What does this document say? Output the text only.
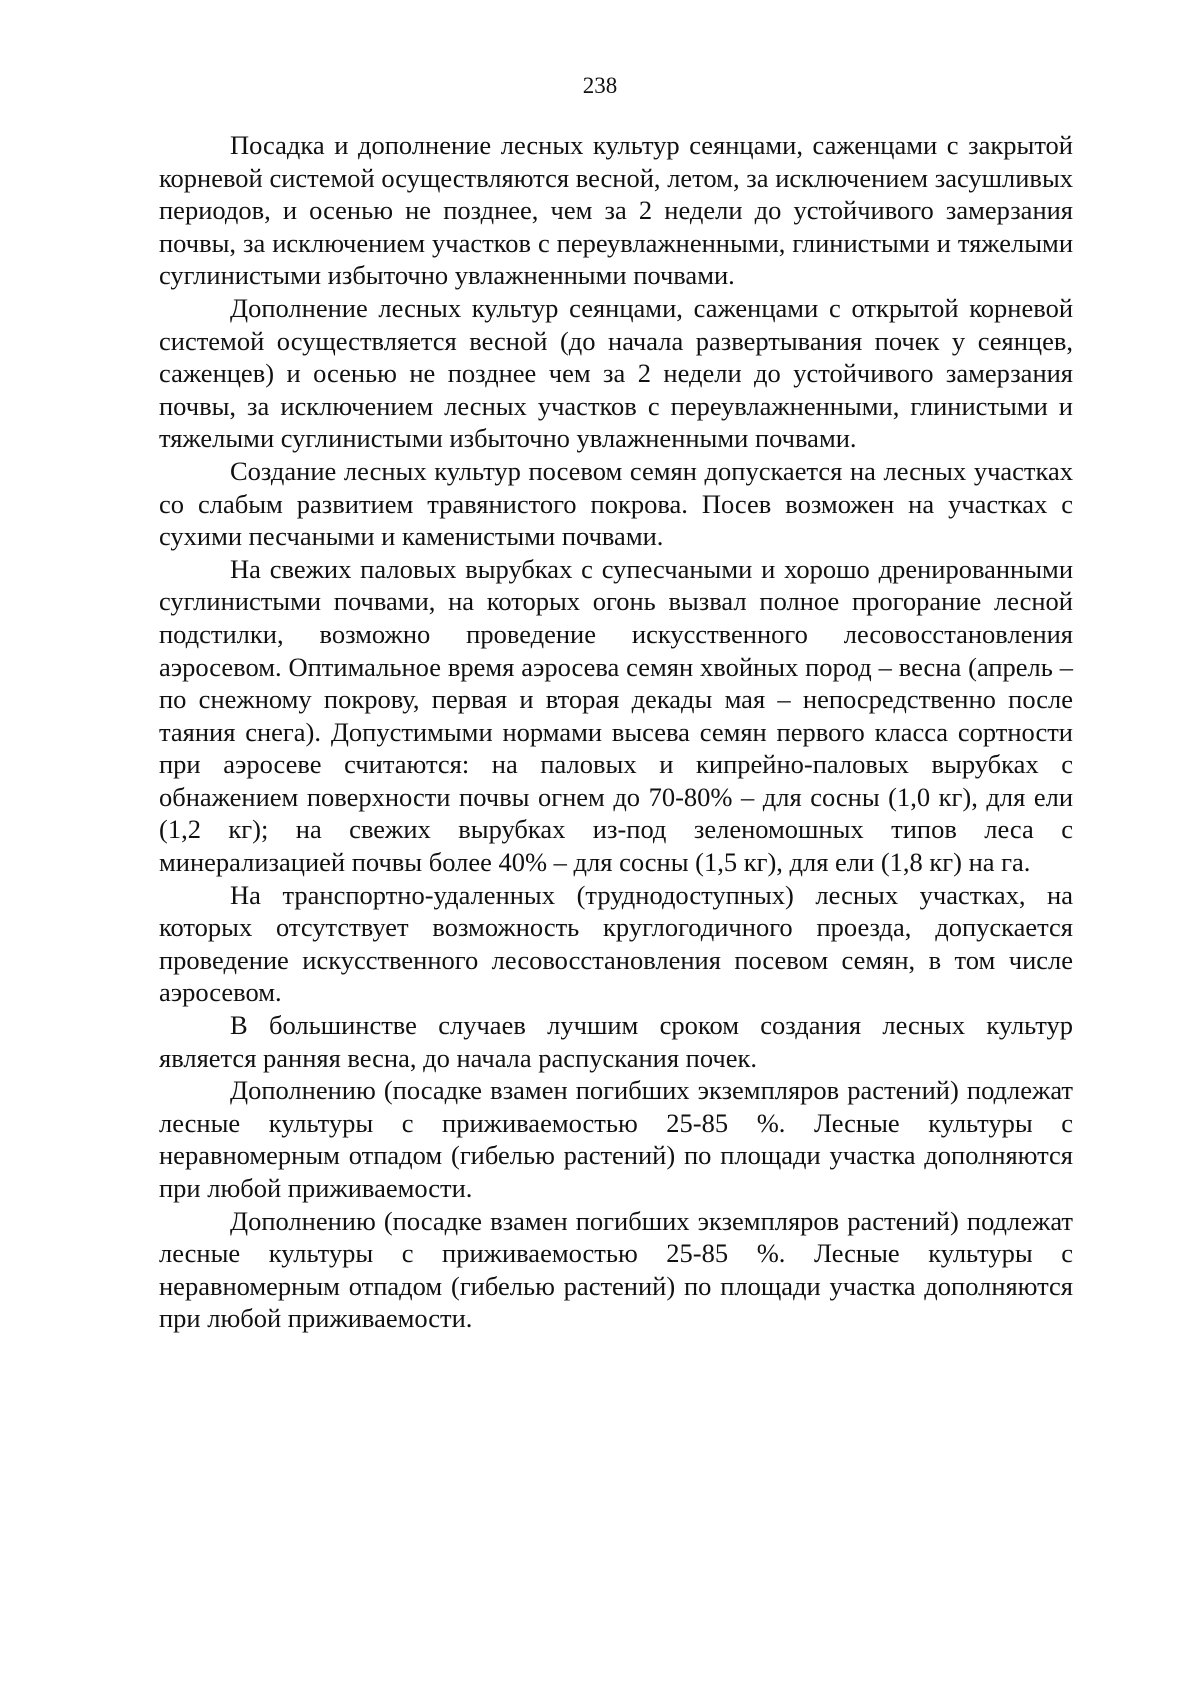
238

Посадка и дополнение лесных культур сеянцами, саженцами с закрытой корневой системой осуществляются весной, летом, за исключением засушливых периодов, и осенью не позднее, чем за 2 недели до устойчивого замерзания почвы, за исключением участков с переувлажненными, глинистыми и тяжелыми суглинистыми избыточно увлажненными почвами.

Дополнение лесных культур сеянцами, саженцами с открытой корневой системой осуществляется весной (до начала развертывания почек у сеянцев, саженцев) и осенью не позднее чем за 2 недели до устойчивого замерзания почвы, за исключением лесных участков с переувлажненными, глинистыми и тяжелыми суглинистыми избыточно увлажненными почвами.

Создание лесных культур посевом семян допускается на лесных участках со слабым развитием травянистого покрова. Посев возможен на участках с сухими песчаными и каменистыми почвами.

На свежих паловых вырубках с супесчаными и хорошо дренированными суглинистыми почвами, на которых огонь вызвал полное прогорание лесной подстилки, возможно проведение искусственного лесовосстановления аэросевом. Оптимальное время аэросева семян хвойных пород – весна (апрель – по снежному покрову, первая и вторая декады мая – непосредственно после таяния снега). Допустимыми нормами высева семян первого класса сортности при аэросеве считаются: на паловых и кипрейно-паловых вырубках с обнажением поверхности почвы огнем до 70-80% – для сосны (1,0 кг), для ели (1,2 кг); на свежих вырубках из-под зеленомошных типов леса с минерализацией почвы более 40% – для сосны (1,5 кг), для ели (1,8 кг) на га.

На транспортно-удаленных (труднодоступных) лесных участках, на которых отсутствует возможность круглогодичного проезда, допускается проведение искусственного лесовосстановления посевом семян, в том числе аэросевом.

В большинстве случаев лучшим сроком создания лесных культур является ранняя весна, до начала распускания почек.

Дополнению (посадке взамен погибших экземпляров растений) подлежат лесные культуры с приживаемостью 25-85 %. Лесные культуры с неравномерным отпадом (гибелью растений) по площади участка дополняются при любой приживаемости.

Дополнению (посадке взамен погибших экземпляров растений) подлежат лесные культуры с приживаемостью 25-85 %. Лесные культуры с неравномерным отпадом (гибелью растений) по площади участка дополняются при любой приживаемости.
